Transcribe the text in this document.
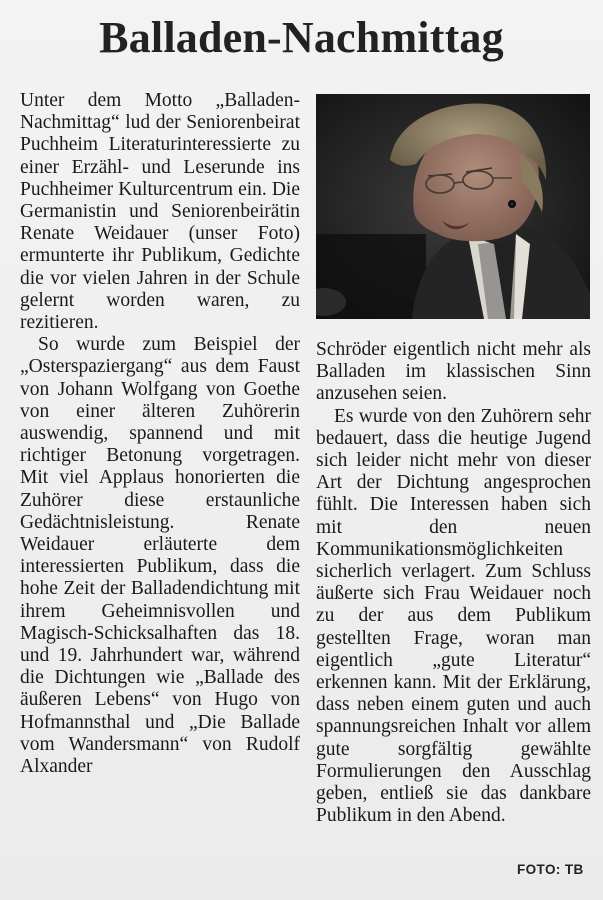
Balladen-Nachmittag

Unter dem Motto „Balladen-Nachmittag“ lud der Seniorenbeirat Puchheim Literaturinteressierte zu einer Erzähl- und Leserunde ins Puchheimer Kulturcentrum ein. Die Germanistin und Seniorenbeirätin Renate Weidauer (unser Foto) ermunterte ihr Publikum, Gedichte die vor vielen Jahren in der Schule gelernt worden waren, zu rezitieren.

So wurde zum Beispiel der „Osterspaziergang“ aus dem Faust von Johann Wolfgang von Goethe von einer älteren Zuhörerin auswendig, spannend und mit richtiger Betonung vorgetragen. Mit viel Applaus honorierten die Zuhörer diese erstaunliche Gedächtnisleistung. Renate Weidauer erläuterte dem interessierten Publikum, dass die hohe Zeit der Balladendichtung mit ihrem Geheimnisvollen und Magisch-Schicksalhaften das 18. und 19. Jahrhundert war, während die Dichtungen wie „Ballade des äußeren Lebens“ von Hugo von Hofmannsthal und „Die Ballade vom Wandersmann“ von Rudolf Alxander

Schröder eigentlich nicht mehr als Balladen im klassischen Sinn anzusehen seien.

Es wurde von den Zuhörern sehr bedauert, dass die heutige Jugend sich leider nicht mehr von dieser Art der Dichtung angesprochen fühlt. Die Interessen haben sich mit den neuen Kommunikationsmöglichkeiten sicherlich verlagert. Zum Schluss äußerte sich Frau Weidauer noch zu der aus dem Publikum gestellten Frage, woran man eigentlich „gute Literatur“ erkennen kann. Mit der Erklärung, dass neben einem guten und auch spannungsreichen Inhalt vor allem gute sorgfältig gewählte Formulierungen den Ausschlag geben, entließ sie das dankbare Publikum in den Abend.

FOTO: TB
